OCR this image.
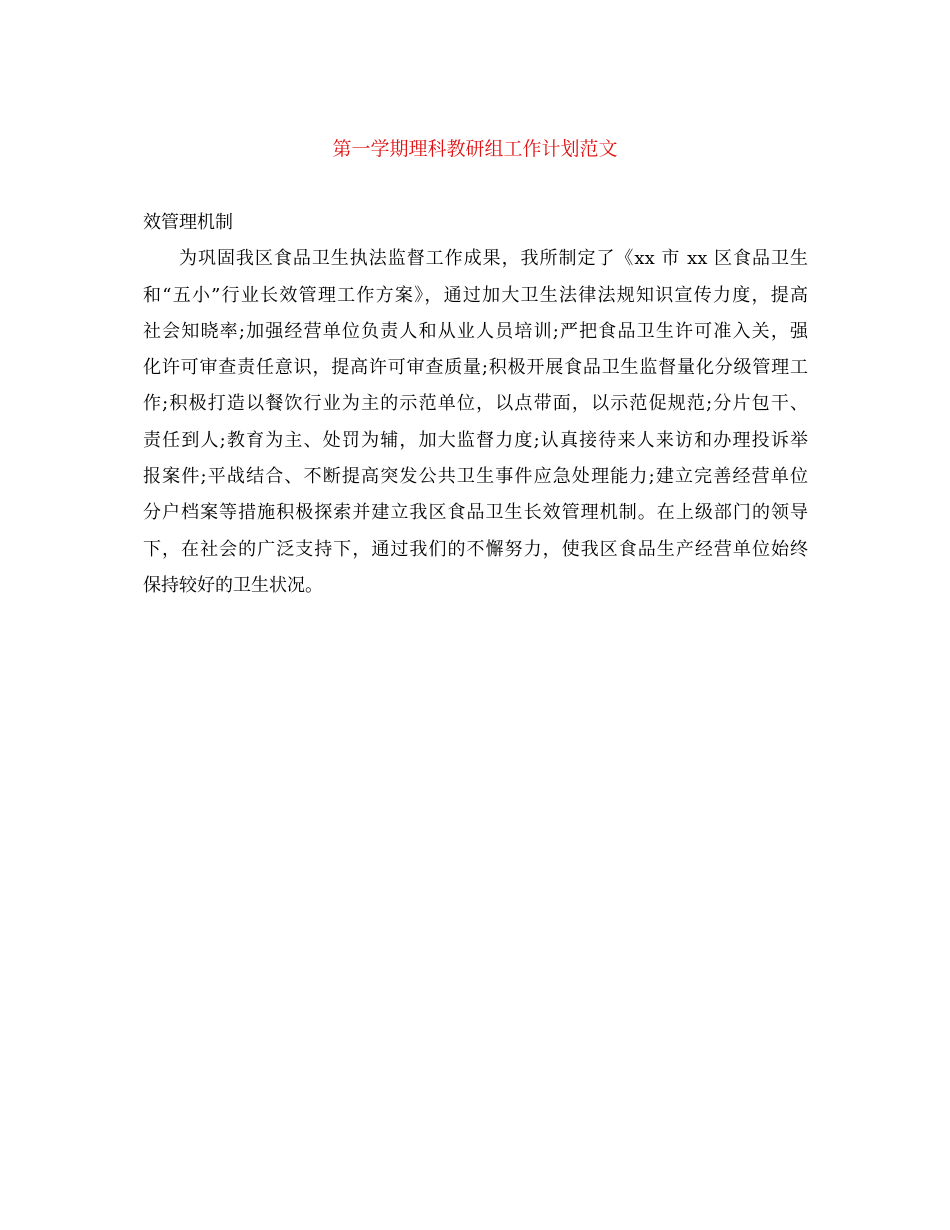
第一学期理科教研组工作计划范文
效管理机制
为巩固我区食品卫生执法监督工作成果，我所制定了《xx 市 xx 区食品卫生
和“五小”行业长效管理工作方案》，通过加大卫生法律法规知识宣传力度，提高
社会知晓率;加强经营单位负责人和从业人员培训;严把食品卫生许可准入关，强
化许可审查责任意识，提高许可审查质量;积极开展食品卫生监督量化分级管理工
作;积极打造以餐饮行业为主的示范单位，以点带面，以示范促规范;分片包干、
责任到人;教育为主、处罚为辅，加大监督力度;认真接待来人来访和办理投诉举
报案件;平战结合、不断提高突发公共卫生事件应急处理能力;建立完善经营单位
分户档案等措施积极探索并建立我区食品卫生长效管理机制。在上级部门的领导
下，在社会的广泛支持下，通过我们的不懈努力，使我区食品生产经营单位始终
保持较好的卫生状况。
